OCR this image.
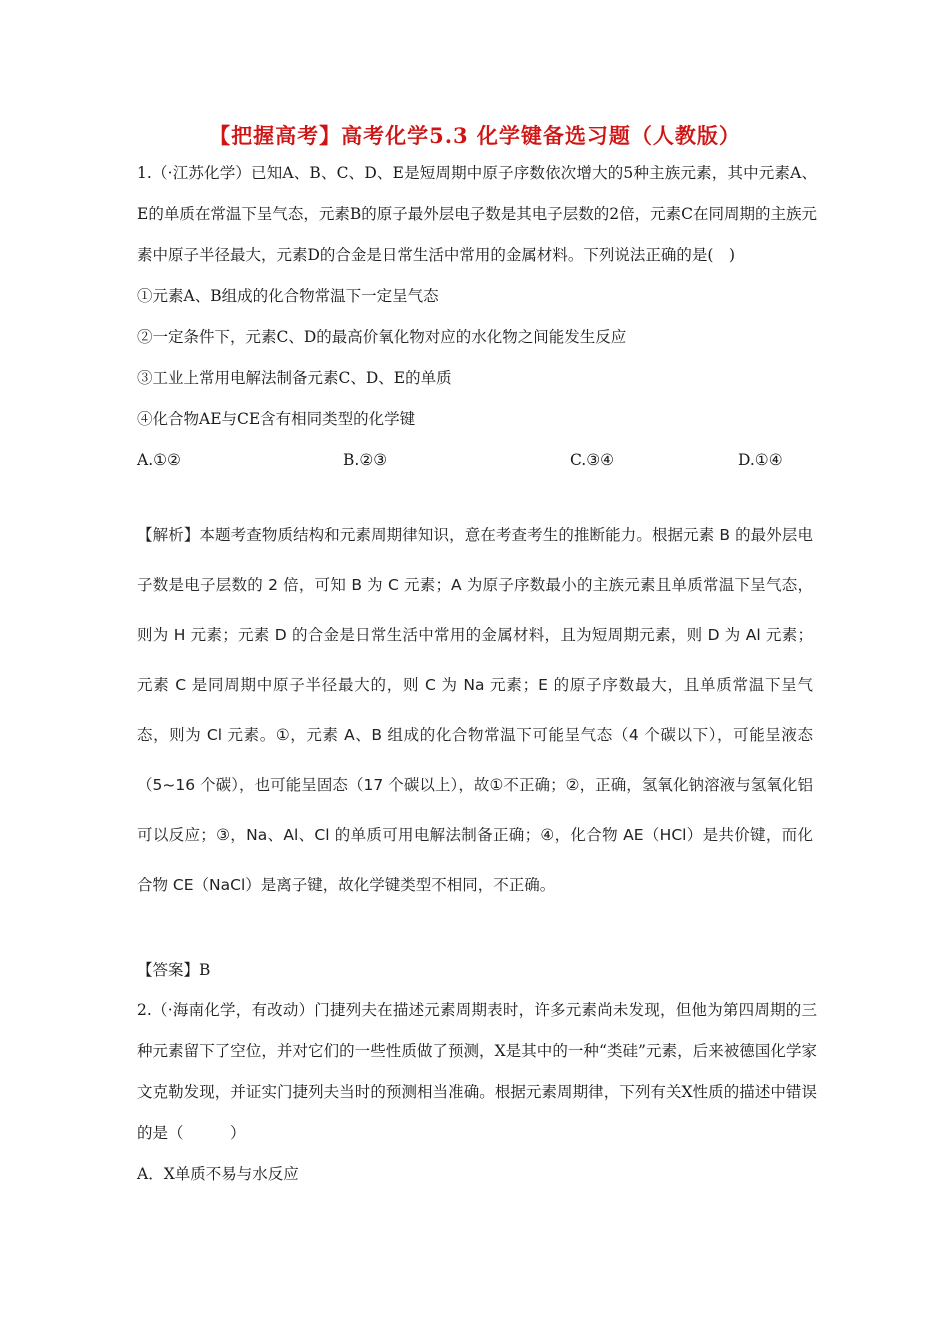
【把握高考】高考化学5.3 化学键备选习题（人教版）

1.（·江苏化学）已知A、B、C、D、E是短周期中原子序数依次增大的5种主族元素，其中元素A、E的单质在常温下呈气态，元素B的原子最外层电子数是其电子层数的2倍，元素C在同周期的主族元素中原子半径最大，元素D的合金是日常生活中常用的金属材料。下列说法正确的是(　)

①元素A、B组成的化合物常温下一定呈气态

②一定条件下，元素C、D的最高价氧化物对应的水化物之间能发生反应

③工业上常用电解法制备元素C、D、E的单质

④化合物AE与CE含有相同类型的化学键

A.①②	B.②③	C.③④	D.①④

【解析】本题考查物质结构和元素周期律知识，意在考查考生的推断能力。根据元素 B 的最外层电子数是电子层数的 2 倍，可知 B 为 C 元素；A 为原子序数最小的主族元素且单质常温下呈气态，则为 H 元素；元素 D 的合金是日常生活中常用的金属材料，且为短周期元素，则 D 为 Al 元素；元素 C 是同周期中原子半径最大的，则 C 为 Na 元素；E 的原子序数最大，且单质常温下呈气态，则为 Cl 元素。①，元素 A、B 组成的化合物常温下可能呈气态（4 个碳以下），可能呈液态（5~16 个碳），也可能呈固态（17 个碳以上），故①不正确；②，正确，氢氧化钠溶液与氢氧化铝可以反应；③，Na、Al、Cl 的单质可用电解法制备正确；④，化合物 AE（HCl）是共价键，而化合物 CE（NaCl）是离子键，故化学键类型不相同，不正确。

【答案】B

2.（·海南化学，有改动）门捷列夫在描述元素周期表时，许多元素尚未发现，但他为第四周期的三种元素留下了空位，并对它们的一些性质做了预测，X是其中的一种“类硅”元素，后来被德国化学家文克勒发现，并证实门捷列夫当时的预测相当准确。根据元素周期律，下列有关X性质的描述中错误的是（　　　）

A．X单质不易与水反应
